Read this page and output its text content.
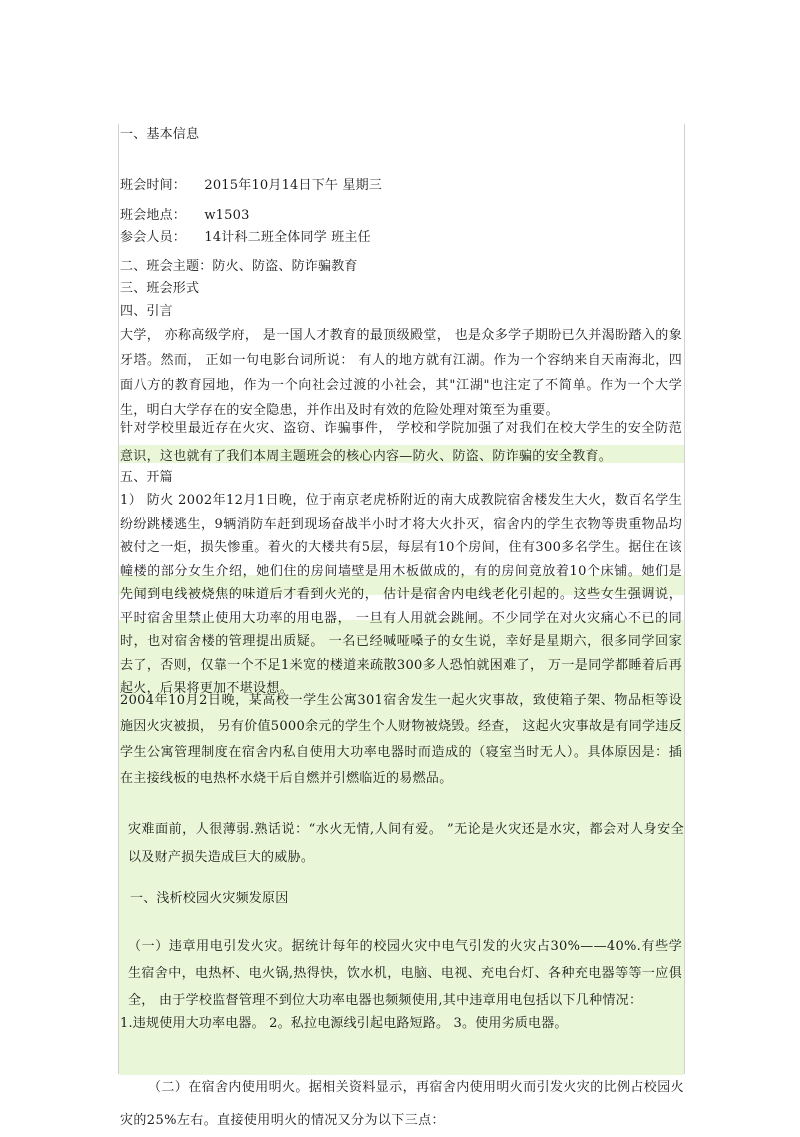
一、基本信息
班会时间： 2015年10月14日下午 星期三
班会地点： w1503
参会人员： 14计科二班全体同学 班主任
二、班会主题：防火、防盗、防诈骗教育
三、班会形式
四、引言
大学， 亦称高级学府， 是一国人才教育的最顶级殿堂， 也是众多学子期盼已久并渴盼踏入的象牙塔。然而， 正如一句电影台词所说： 有人的地方就有江湖。作为一个容纳来自天南海北，四面八方的教育园地，作为一个向社会过渡的小社会，其"江湖"也注定了不简单。作为一个大学生，明白大学存在的安全隐患，并作出及时有效的危险处理对策至为重要。
针对学校里最近存在火灾、盗窃、诈骗事件， 学校和学院加强了对我们在校大学生的安全防范意识，这也就有了我们本周主题班会的核心内容—防火、防盗、防诈骗的安全教育。
五、开篇
1） 防火 2002年12月1日晚，位于南京老虎桥附近的南大成教院宿舍楼发生大火，数百名学生纷纷跳楼逃生，9辆消防车赶到现场奋战半小时才将大火扑灭，宿舍内的学生衣物等贵重物品均被付之一炬，损失惨重。着火的大楼共有5层，每层有10个房间，住有300多名学生。据住在该幢楼的部分女生介绍，她们住的房间墙壁是用木板做成的，有的房间竟放着10个床铺。她们是先闻到电线被烧焦的味道后才看到火光的， 估计是宿舍内电线老化引起的。这些女生强调说， 平时宿舍里禁止使用大功率的用电器， 一旦有人用就会跳闸。不少同学在对火灾痛心不已的同时，也对宿舍楼的管理提出质疑。 一名已经喊哑嗓子的女生说，幸好是星期六，很多同学回家去了，否则，仅靠一个不足1米宽的楼道来疏散300多人恐怕就困难了， 万一是同学都睡着后再起火，后果将更加不堪设想。
2004年10月2日晚，某高校一学生公寓301宿舍发生一起火灾事故，致使箱子架、物品柜等设施因火灾被损， 另有价值5000余元的学生个人财物被烧毁。经查， 这起火灾事故是有同学违反学生公寓管理制度在宿舍内私自使用大功率电器时而造成的（寝室当时无人）。具体原因是：插在主接线板的电热杯水烧干后自燃并引燃临近的易燃品。
灾难面前，人很薄弱.熟话说：“水火无情,人间有爱。 ”无论是火灾还是水灾，都会对人身安全以及财产损失造成巨大的威胁。
一、浅析校园火灾频发原因
（一）违章用电引发火灾。据统计每年的校园火灾中电气引发的火灾占30%——40%.有些学生宿舍中，电热杯、电火锅,热得快，饮水机，电脑、电视、充电台灯、各种充电器等等一应俱全， 由于学校监督管理不到位大功率电器也频频使用,其中违章用电包括以下几种情况：
1.违规使用大功率电器。 2。私拉电源线引起电路短路。 3。使用劣质电器。
（二）在宿舍内使用明火。据相关资料显示，再宿舍内使用明火而引发火灾的比例占校园火灾的25%左右。直接使用明火的情况又分为以下三点：
